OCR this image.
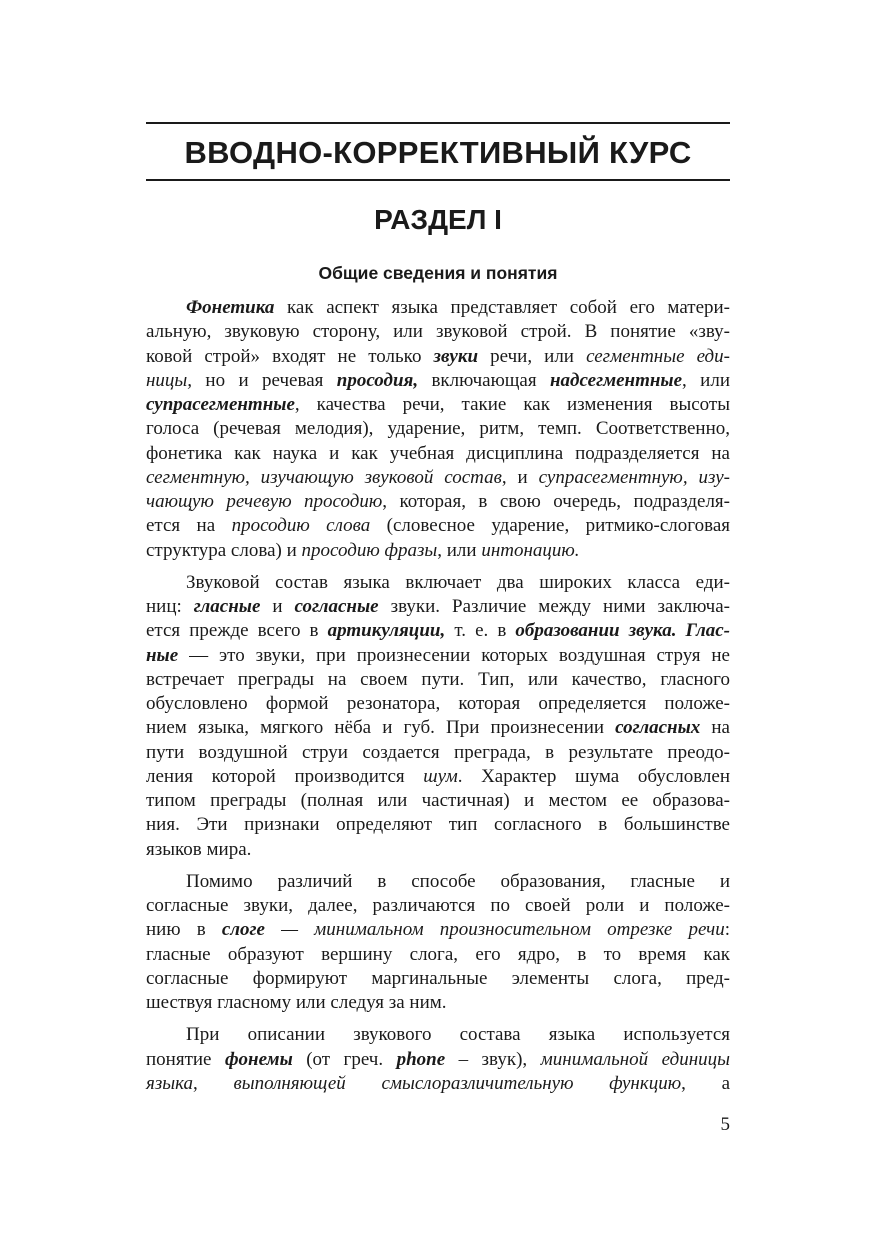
ВВОДНО-КОРРЕКТИВНЫЙ КУРС
РАЗДЕЛ I
Общие сведения и понятия
Фонетика как аспект языка представляет собой его матери-
альную, звуковую сторону, или звуковой строй. В понятие «зву-
ковой строй» входят не только звуки речи, или сегментные еди-
ницы, но и речевая просодия, включающая надсегментные, или
супрасегментные, качества речи, такие как изменения высоты
голоса (речевая мелодия), ударение, ритм, темп. Соответственно,
фонетика как наука и как учебная дисциплина подразделяется на
сегментную, изучающую звуковой состав, и супрасегментную, изу-
чающую речевую просодию, которая, в свою очередь, подразделя-
ется на просодию слова (словесное ударение, ритмико-слоговая
структура слова) и просодию фразы, или интонацию.
Звуковой состав языка включает два широких класса еди-
ниц: гласные и согласные звуки. Различие между ними заключа-
ется прежде всего в артикуляции, т. е. в образовании звука. Глас-
ные — это звуки, при произнесении которых воздушная струя не
встречает преграды на своем пути. Тип, или качество, гласного
обусловлено формой резонатора, которая определяется положе-
нием языка, мягкого нёба и губ. При произнесении согласных на
пути воздушной струи создается преграда, в результате преодо-
ления которой производится шум. Характер шума обусловлен
типом преграды (полная или частичная) и местом ее образова-
ния. Эти признаки определяют тип согласного в большинстве
языков мира.
Помимо различий в способе образования, гласные и
согласные звуки, далее, различаются по своей роли и положе-
нию в слоге — минимальном произносительном отрезке речи:
гласные образуют вершину слога, его ядро, в то время как
согласные формируют маргинальные элементы слога, пред-
шествуя гласному или следуя за ним.
При описании звукового состава языка используется
понятие фонемы (от греч. phone – звук), минимальной единицы
языка, выполняющей смыслоразличительную функцию, а
5
